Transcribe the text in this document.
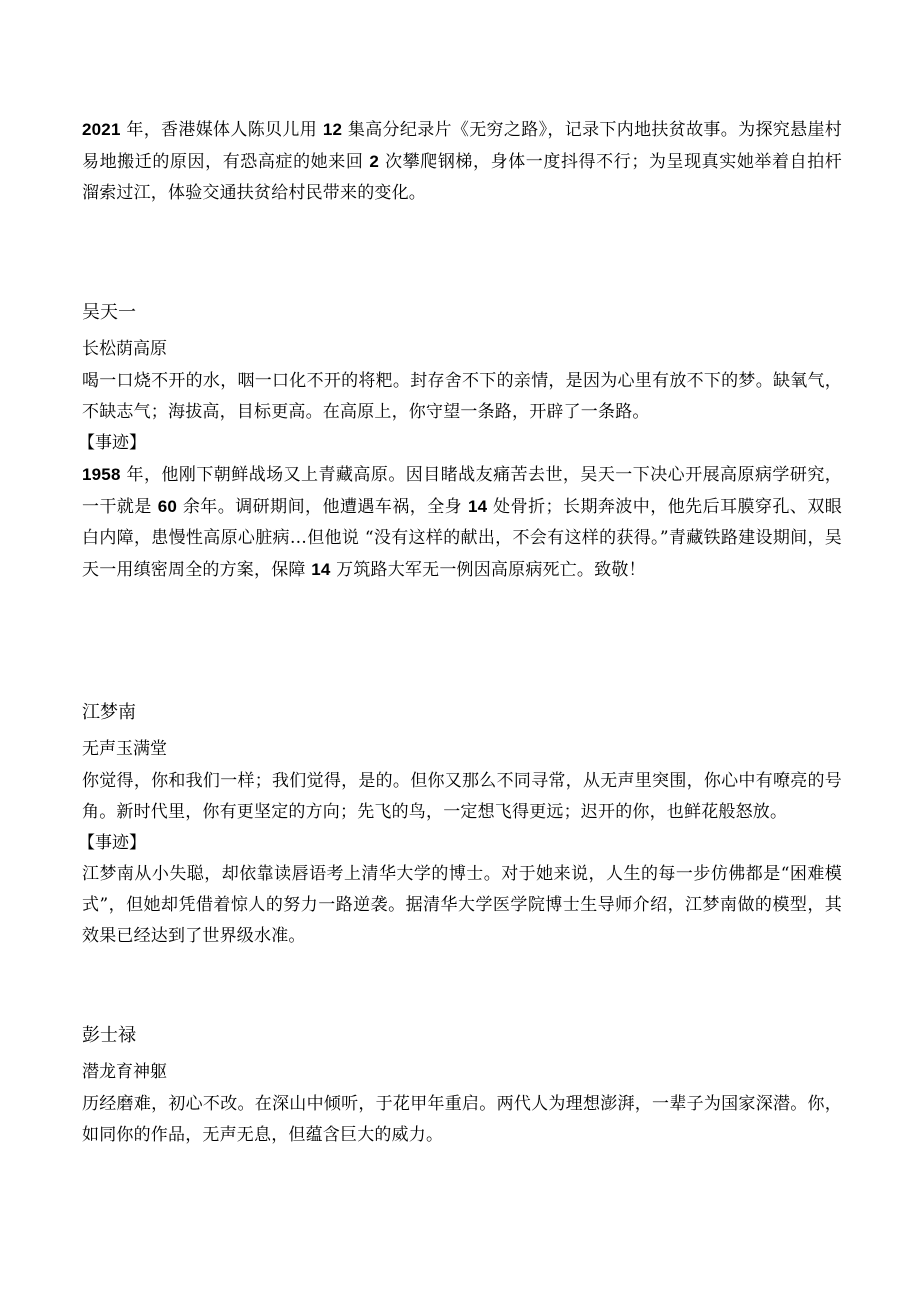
2021 年，香港媒体人陈贝儿用 12 集高分纪录片《无穷之路》，记录下内地扶贫故事。为探究悬崖村易地搬迁的原因，有恐高症的她来回 2 次攀爬钢梯，身体一度抖得不行；为呈现真实她举着自拍杆溜索过江，体验交通扶贫给村民带来的变化。

吴天一

长松荫高原

喝一口烧不开的水，咽一口化不开的将粑。封存舍不下的亲情，是因为心里有放不下的梦。缺氧气，不缺志气；海拔高，目标更高。在高原上，你守望一条路，开辟了一条路。

【事迹】

1958 年，他刚下朝鲜战场又上青藏高原。因目睹战友痛苦去世，吴天一下决心开展高原病学研究，一干就是 60 余年。调研期间，他遭遇车祸，全身 14 处骨折；长期奔波中，他先后耳膜穿孔、双眼白内障，患慢性高原心脏病…但他说 “没有这样的献出，不会有这样的获得。”青藏铁路建设期间，吴天一用缜密周全的方案，保障 14 万筑路大军无一例因高原病死亡。致敬！

江梦南

无声玉满堂

你觉得，你和我们一样；我们觉得，是的。但你又那么不同寻常，从无声里突围，你心中有嘹亮的号角。新时代里，你有更坚定的方向；先飞的鸟，一定想飞得更远；迟开的你，也鲜花般怒放。

【事迹】

江梦南从小失聪，却依靠读唇语考上清华大学的博士。对于她来说，人生的每一步仿佛都是“困难模式”，但她却凭借着惊人的努力一路逆袭。据清华大学医学院博士生导师介绍，江梦南做的模型，其效果已经达到了世界级水准。

彭士禄

潜龙育神躯

历经磨难，初心不改。在深山中倾听，于花甲年重启。两代人为理想澎湃，一辈子为国家深潜。你，如同你的作品，无声无息，但蕴含巨大的威力。
